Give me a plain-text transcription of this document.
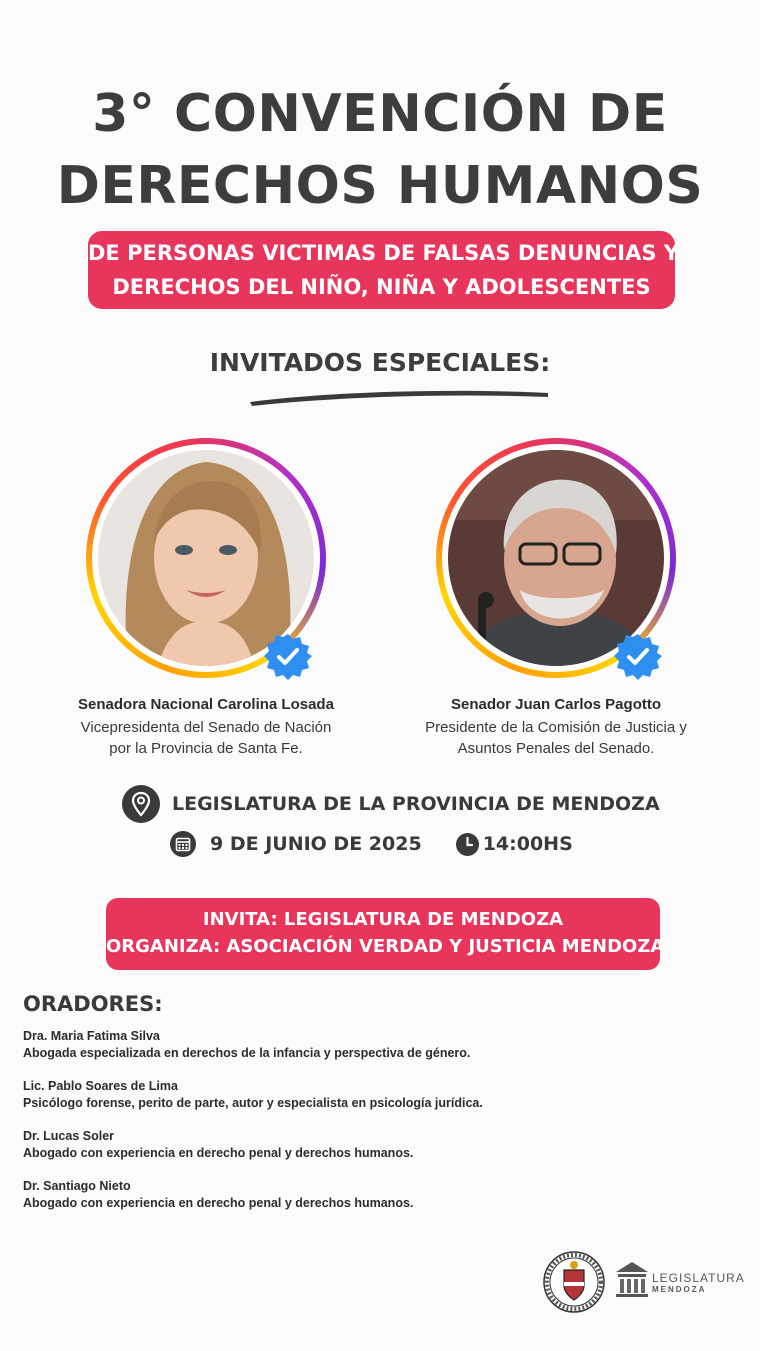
3° CONVENCIÓN DE
DERECHOS HUMANOS
DE PERSONAS VICTIMAS DE FALSAS DENUNCIAS Y
DERECHOS DEL NIÑO, NIÑA Y ADOLESCENTES
INVITADOS ESPECIALES:
Senadora Nacional Carolina Losada
Vicepresidenta del Senado de Nación
por la Provincia de Santa Fe.
Senador Juan Carlos Pagotto
Presidente de la Comisión de Justicia y
Asuntos Penales del Senado.
LEGISLATURA DE LA PROVINCIA DE MENDOZA
9 DE JUNIO DE 2025	14:00HS
INVITA: LEGISLATURA DE MENDOZA
ORGANIZA: ASOCIACIÓN VERDAD Y JUSTICIA MENDOZA
ORADORES:
Dra. Maria Fatima Silva
Abogada especializada en derechos de la infancia y perspectiva de género.
Lic. Pablo Soares de Lima
Psicólogo forense, perito de parte, autor y especialista en psicología jurídica.
Dr. Lucas Soler
Abogado con experiencia en derecho penal y derechos humanos.
Dr. Santiago Nieto
Abogado con experiencia en derecho penal y derechos humanos.
LEGISLATURA
MENDOZA
